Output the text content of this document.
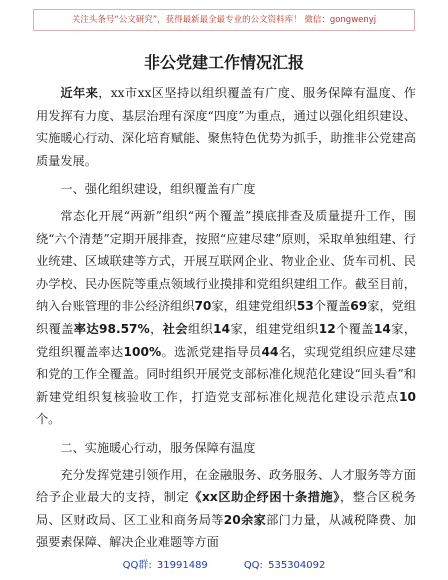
关注头条号“公文研究”，获得最新最全最专业的公文资料库！ 微信：gongwenyj
非公党建工作情况汇报

近年来，xx市xx区坚持以组织覆盖有广度、服务保障有温度、作用发挥有力度、基层治理有深度“四度”为重点，通过以强化组织建设、实施暖心行动、深化培育赋能、聚焦特色优势为抓手，助推非公党建高质量发展。

一、强化组织建设，组织覆盖有广度

常态化开展“两新”组织“两个覆盖”摸底排查及质量提升工作，围绕“六个清楚”定期开展排查，按照“应建尽建”原则，采取单独组建、行业统建、区域联建等方式，开展互联网企业、物业企业、货车司机、民办学校、民办医院等重点领域行业摸排和党组织建组工作。截至目前，纳入台账管理的非公经济组织70家，组建党组织53个覆盖69家，党组织覆盖率达98.57%，社会组织14家，组建党组织12个覆盖14家，党组织覆盖率达100%。选派党建指导员44名，实现党组织应建尽建和党的工作全覆盖。同时组织开展党支部标准化规范化建设“回头看”和新建党组织复核验收工作，打造党支部标准化规范化建设示范点10个。

二、实施暖心行动，服务保障有温度

充分发挥党建引领作用，在金融服务、政务服务、人才服务等方面给予企业最大的支持，制定《xx区助企纾困十条措施》，整合区税务局、区财政局、区工业和商务局等20余家部门力量，从减税降费、加强要素保障、解决企业难题等方面

QQ群: 31991489	QQ: 535304092
